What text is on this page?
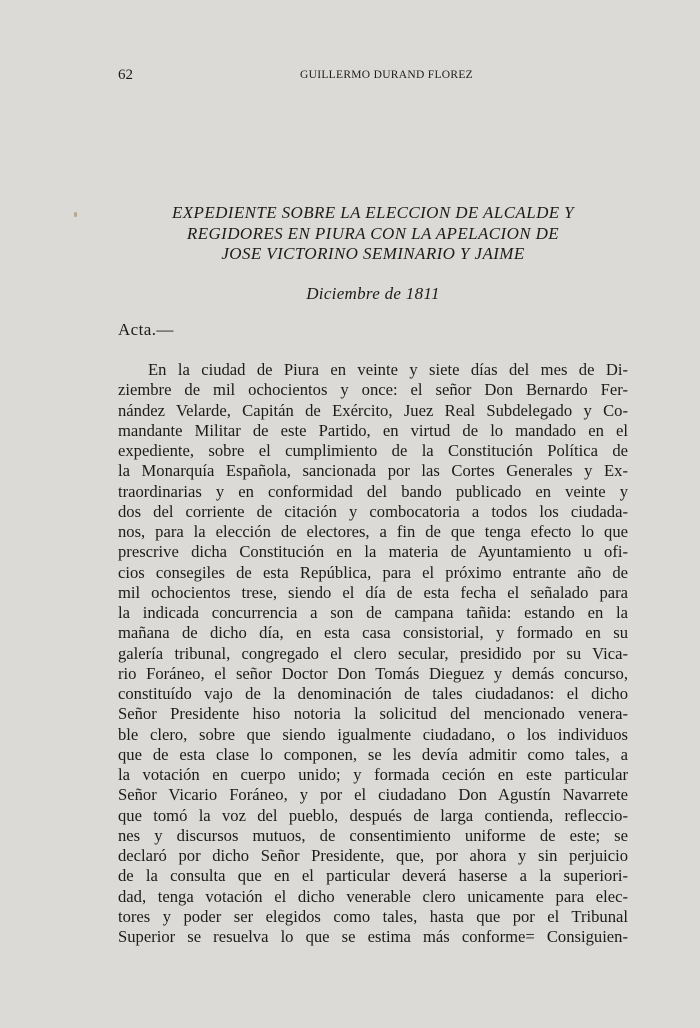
62	GUILLERMO DURAND FLOREZ
EXPEDIENTE SOBRE LA ELECCION DE ALCALDE Y
REGIDORES EN PIURA CON LA APELACION DE
JOSE VICTORINO SEMINARIO Y JAIME
Diciembre de 1811
Acta.—
En la ciudad de Piura en veinte y siete días del mes de Di-
ziembre de mil ochocientos y once: el señor Don Bernardo Fer-
nández Velarde, Capitán de Exército, Juez Real Subdelegado y Co-
mandante Militar de este Partido, en virtud de lo mandado en el
expediente, sobre el cumplimiento de la Constitución Política de
la Monarquía Española, sancionada por las Cortes Generales y Ex-
traordinarias y en conformidad del bando publicado en veinte y
dos del corriente de citación y combocatoria a todos los ciudada-
nos, para la elección de electores, a fin de que tenga efecto lo que
prescrive dicha Constitución en la materia de Ayuntamiento u ofi-
cios consegiles de esta República, para el próximo entrante año de
mil ochocientos trese, siendo el día de esta fecha el señalado para
la indicada concurrencia a son de campana tañida: estando en la
mañana de dicho día, en esta casa consistorial, y formado en su
galería tribunal, congregado el clero secular, presidido por su Vica-
rio Foráneo, el señor Doctor Don Tomás Dieguez y demás concurso,
constituído vajo de la denominación de tales ciudadanos: el dicho
Señor Presidente hiso notoria la solicitud del mencionado venera-
ble clero, sobre que siendo igualmente ciudadano, o los individuos
que de esta clase lo componen, se les devía admitir como tales, a
la votación en cuerpo unido; y formada ceción en este particular
Señor Vicario Foráneo, y por el ciudadano Don Agustín Navarrete
que tomó la voz del pueblo, después de larga contienda, refleccio-
nes y discursos mutuos, de consentimiento uniforme de este; se
declaró por dicho Señor Presidente, que, por ahora y sin perjuicio
de la consulta que en el particular deverá haserse a la superiori-
dad, tenga votación el dicho venerable clero unicamente para elec-
tores y poder ser elegidos como tales, hasta que por el Tribunal
Superior se resuelva lo que se estima más conforme= Consiguien-
